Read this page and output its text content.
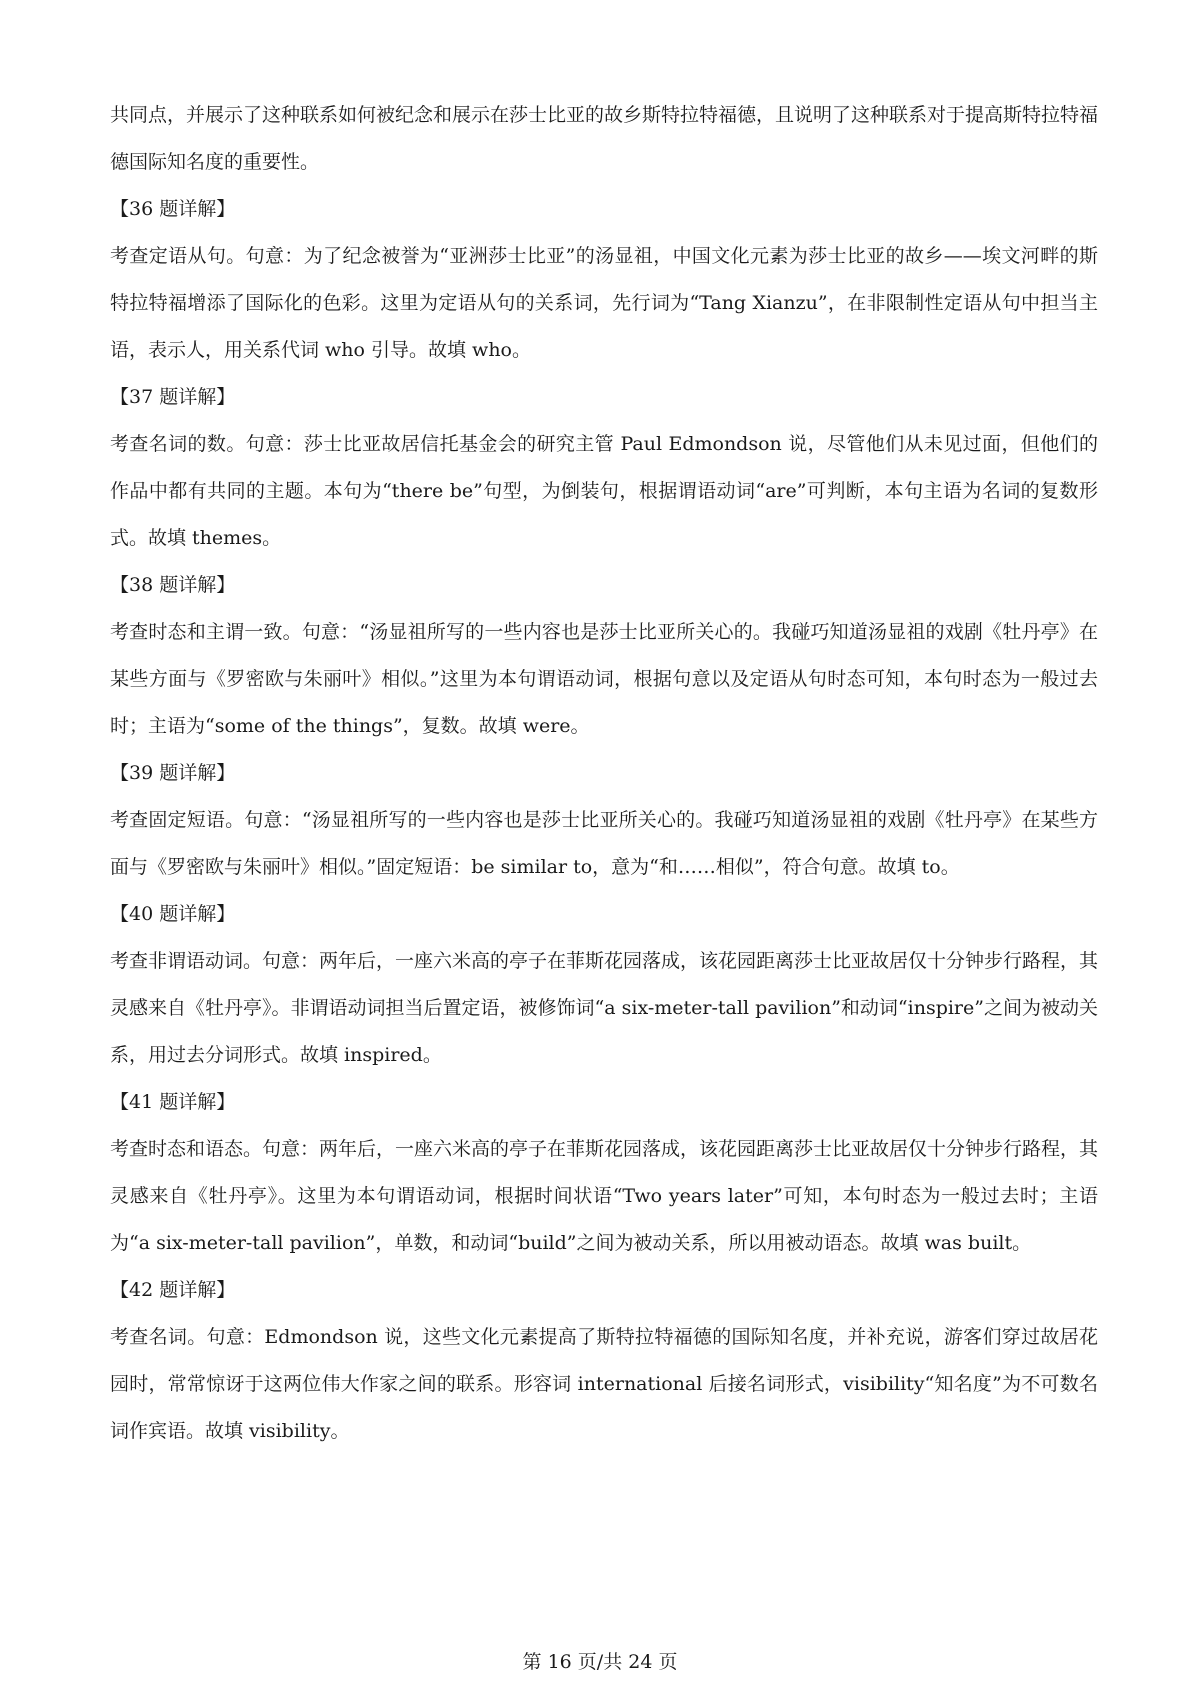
共同点，并展示了这种联系如何被纪念和展示在莎士比亚的故乡斯特拉特福德，且说明了这种联系对于提高斯特拉特福德国际知名度的重要性。

【36 题详解】

考查定语从句。句意：为了纪念被誉为“亚洲莎士比亚”的汤显祖，中国文化元素为莎士比亚的故乡——埃文河畔的斯特拉特福增添了国际化的色彩。这里为定语从句的关系词，先行词为“Tang Xianzu”，在非限制性定语从句中担当主语，表示人，用关系代词 who 引导。故填 who。

【37 题详解】

考查名词的数。句意：莎士比亚故居信托基金会的研究主管 Paul Edmondson 说，尽管他们从未见过面，但他们的作品中都有共同的主题。本句为“there be”句型，为倒装句，根据谓语动词“are”可判断，本句主语为名词的复数形式。故填 themes。

【38 题详解】

考查时态和主谓一致。句意：“汤显祖所写的一些内容也是莎士比亚所关心的。我碰巧知道汤显祖的戏剧《牡丹亭》在某些方面与《罗密欧与朱丽叶》相似。”这里为本句谓语动词，根据句意以及定语从句时态可知，本句时态为一般过去时；主语为“some of the things”，复数。故填 were。

【39 题详解】

考查固定短语。句意：“汤显祖所写的一些内容也是莎士比亚所关心的。我碰巧知道汤显祖的戏剧《牡丹亭》在某些方面与《罗密欧与朱丽叶》相似。”固定短语：be similar to，意为“和……相似”，符合句意。故填 to。

【40 题详解】

考查非谓语动词。句意：两年后，一座六米高的亭子在菲斯花园落成，该花园距离莎士比亚故居仅十分钟步行路程，其灵感来自《牡丹亭》。非谓语动词担当后置定语，被修饰词“a six-meter-tall pavilion”和动词“inspire”之间为被动关系，用过去分词形式。故填 inspired。

【41 题详解】

考查时态和语态。句意：两年后，一座六米高的亭子在菲斯花园落成，该花园距离莎士比亚故居仅十分钟步行路程，其灵感来自《牡丹亭》。这里为本句谓语动词，根据时间状语“Two years later”可知，本句时态为一般过去时；主语为“a six-meter-tall pavilion”，单数，和动词“build”之间为被动关系，所以用被动语态。故填 was built。

【42 题详解】

考查名词。句意：Edmondson 说，这些文化元素提高了斯特拉特福德的国际知名度，并补充说，游客们穿过故居花园时，常常惊讶于这两位伟大作家之间的联系。形容词 international 后接名词形式，visibility“知名度”为不可数名词作宾语。故填 visibility。

第 16 页/共 24 页
